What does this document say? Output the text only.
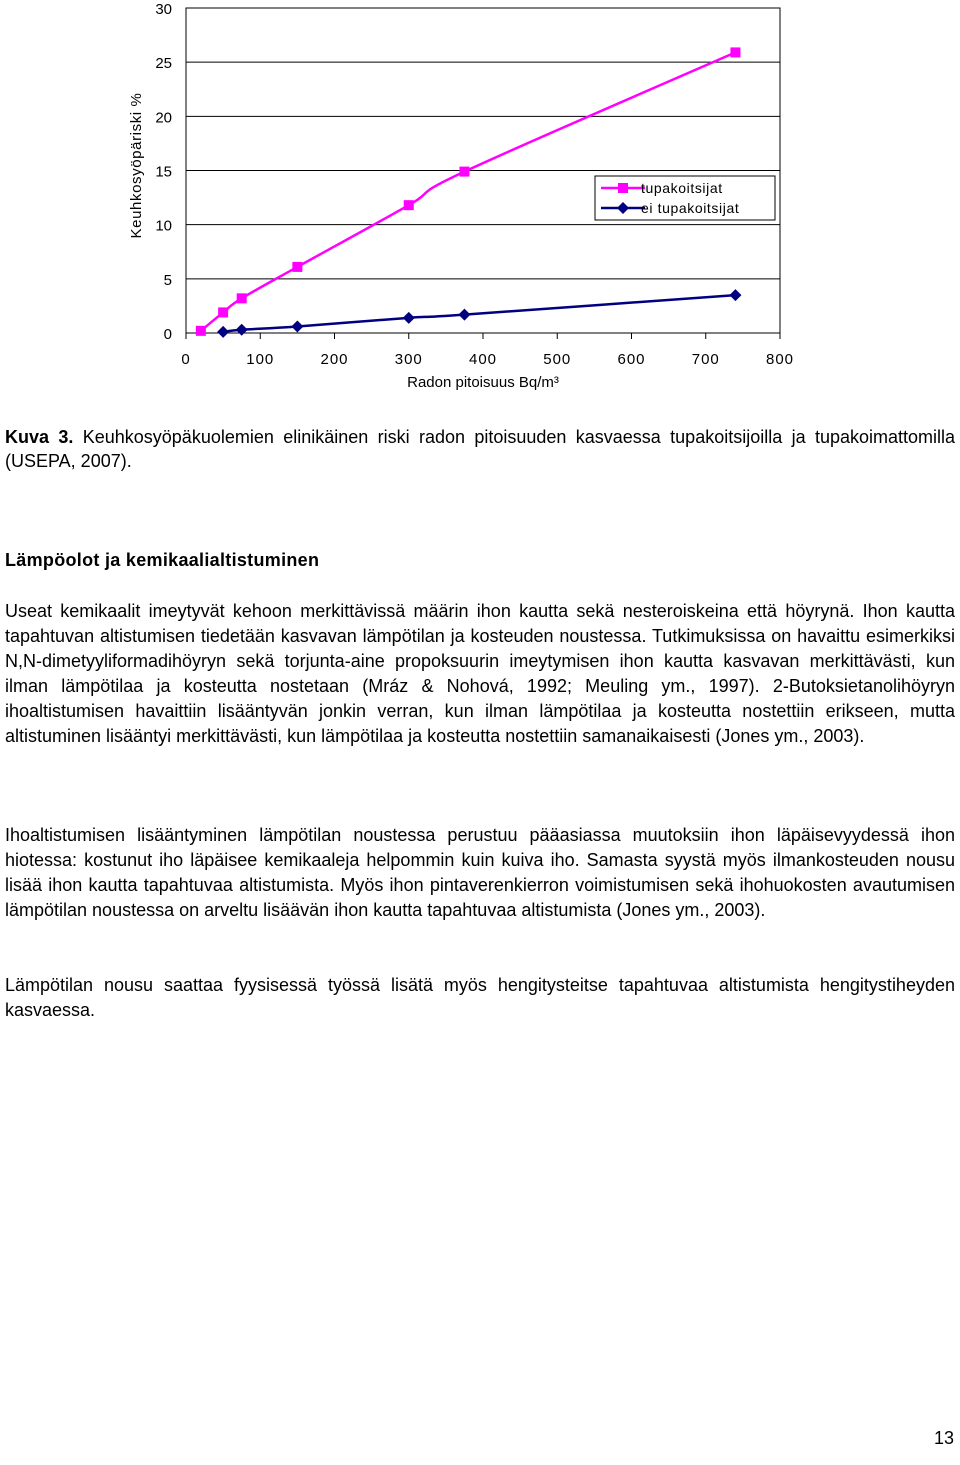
0
5
10
15
20
25
30
0	100	200	300	400	500	600	700	800
Radon pitoisuus Bq/m³
Keuhkosyöpäriski %	tupakoitsijat
ei tupakoitsijat
Kuva 3. Keuhkosyöpäkuolemien elinikäinen riski radon pitoisuuden kasvaessa tupakoitsijoilla ja tupakoimattomilla (USEPA, 2007).
Lämpöolot ja kemikaalialtistuminen

Useat kemikaalit imeytyvät kehoon merkittävissä määrin ihon kautta sekä nesteroiskeina että höyrynä. Ihon kautta tapahtuvan altistumisen tiedetään kasvavan lämpötilan ja kosteuden noustessa. Tutkimuksissa on havaittu esimerkiksi N,N-dimetyyliformadihöyryn sekä torjunta-aine propoksuurin imeytymisen ihon kautta kasvavan merkittävästi, kun ilman lämpötilaa ja kosteutta nostetaan (Mráz & Nohová, 1992; Meuling ym., 1997). 2-Butoksietanolihöyryn ihoaltistumisen havaittiin lisääntyvän jonkin verran, kun ilman lämpötilaa ja kosteutta nostettiin erikseen, mutta altistuminen lisääntyi merkittävästi, kun lämpötilaa ja kosteutta nostettiin samanaikaisesti (Jones ym., 2003).

Ihoaltistumisen lisääntyminen lämpötilan noustessa perustuu pääasiassa muutoksiin ihon läpäisevyydessä ihon hiotessa: kostunut iho läpäisee kemikaaleja helpommin kuin kuiva iho. Samasta syystä myös ilmankosteuden nousu lisää ihon kautta tapahtuvaa altistumista. Myös ihon pintaverenkierron voimistumisen sekä ihohuokosten avautumisen lämpötilan noustessa on arveltu lisäävän ihon kautta tapahtuvaa altistumista (Jones ym., 2003).

Lämpötilan nousu saattaa fyysisessä työssä lisätä myös hengitysteitse tapahtuvaa altistumista hengitystiheyden kasvaessa.

13
